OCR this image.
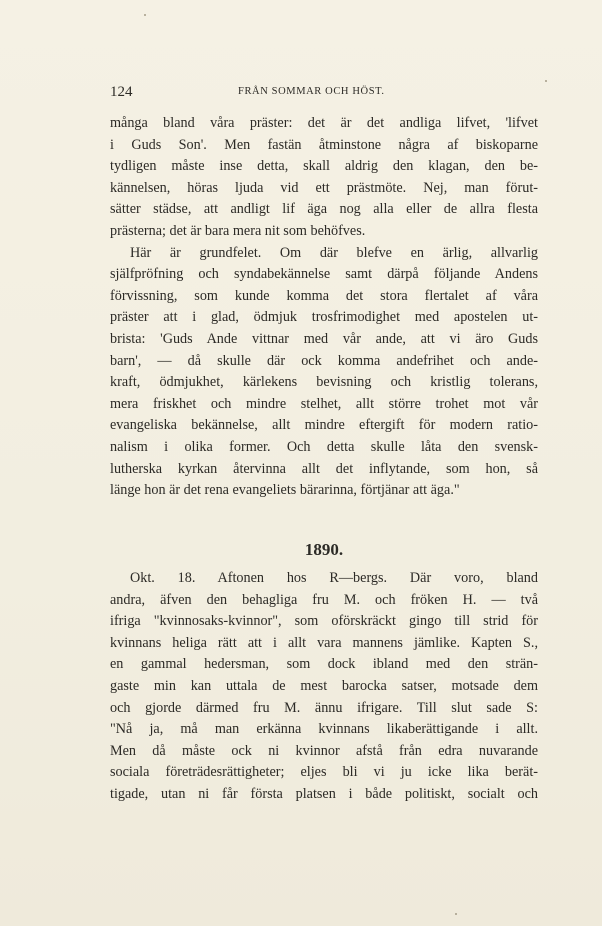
124	FRÅN SOMMAR OCH HÖST.
många bland våra präster: det är det andliga lifvet, 'lifvet
i Guds Son'. Men fastän åtminstone några af biskoparne
tydligen måste inse detta, skall aldrig den klagan, den be-
kännelsen, höras ljuda vid ett prästmöte. Nej, man förut-
sätter städse, att andligt lif äga nog alla eller de allra flesta
prästerna; det är bara mera nit som behöfves.
Här är grundfelet. Om där blefve en ärlig, allvarlig
själfpröfning och syndabekännelse samt därpå följande Andens
förvissning, som kunde komma det stora flertalet af våra
präster att i glad, ödmjuk trosfrimodighet med apostelen ut-
brista: 'Guds Ande vittnar med vår ande, att vi äro Guds
barn', — då skulle där ock komma andefrihet och ande-
kraft, ödmjukhet, kärlekens bevisning och kristlig tolerans,
mera friskhet och mindre stelhet, allt större trohet mot vår
evangeliska bekännelse, allt mindre eftergift för modern ratio-
nalism i olika former. Och detta skulle låta den svensk-
lutherska kyrkan återvinna allt det inflytande, som hon, så
länge hon är det rena evangeliets bärarinna, förtjänar att äga."
1890.
Okt. 18. Aftonen hos R—bergs. Där voro, bland
andra, äfven den behagliga fru M. och fröken H. — två
ifriga "kvinnosaks-kvinnor", som oförskräckt gingo till strid för
kvinnans heliga rätt att i allt vara mannens jämlike. Kapten S.,
en gammal hedersman, som dock ibland med den strän-
gaste min kan uttala de mest barocka satser, motsade dem
och gjorde därmed fru M. ännu ifrigare. Till slut sade S:
"Nå ja, må man erkänna kvinnans likaberättigande i allt.
Men då måste ock ni kvinnor afstå från edra nuvarande
sociala företrädesrättigheter; eljes bli vi ju icke lika berät-
tigade, utan ni får första platsen i både politiskt, socialt och
